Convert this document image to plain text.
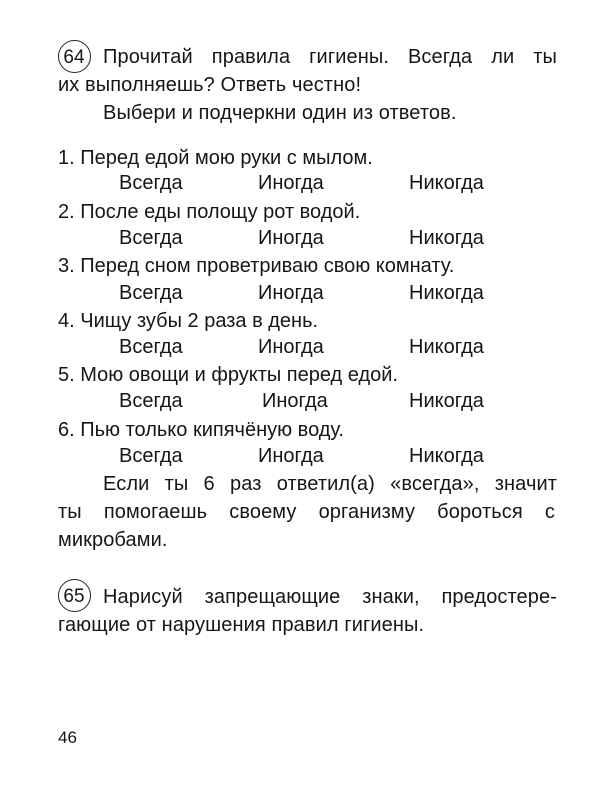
64 Прочитай правила гигиены. Всегда ли ты
их выполняешь? Ответь честно!
Выбери и подчеркни один из ответов.
1. Перед едой мою руки с мылом.
Всегда	Иногда	Никогда
2. После еды полощу рот водой.
Всегда	Иногда	Никогда
3. Перед сном проветриваю свою комнату.
Всегда	Иногда	Никогда
4. Чищу зубы 2 раза в день.
Всегда	Иногда	Никогда
5. Мою овощи и фрукты перед едой.
Всегда	Иногда	Никогда
6. Пью только кипячёную воду.
Всегда	Иногда	Никогда
Если ты 6 раз ответил(а) «всегда», значит
ты помогаешь своему организму бороться с
микробами.
65 Нарисуй запрещающие знаки, предостере-
гающие от нарушения правил гигиены.
46
